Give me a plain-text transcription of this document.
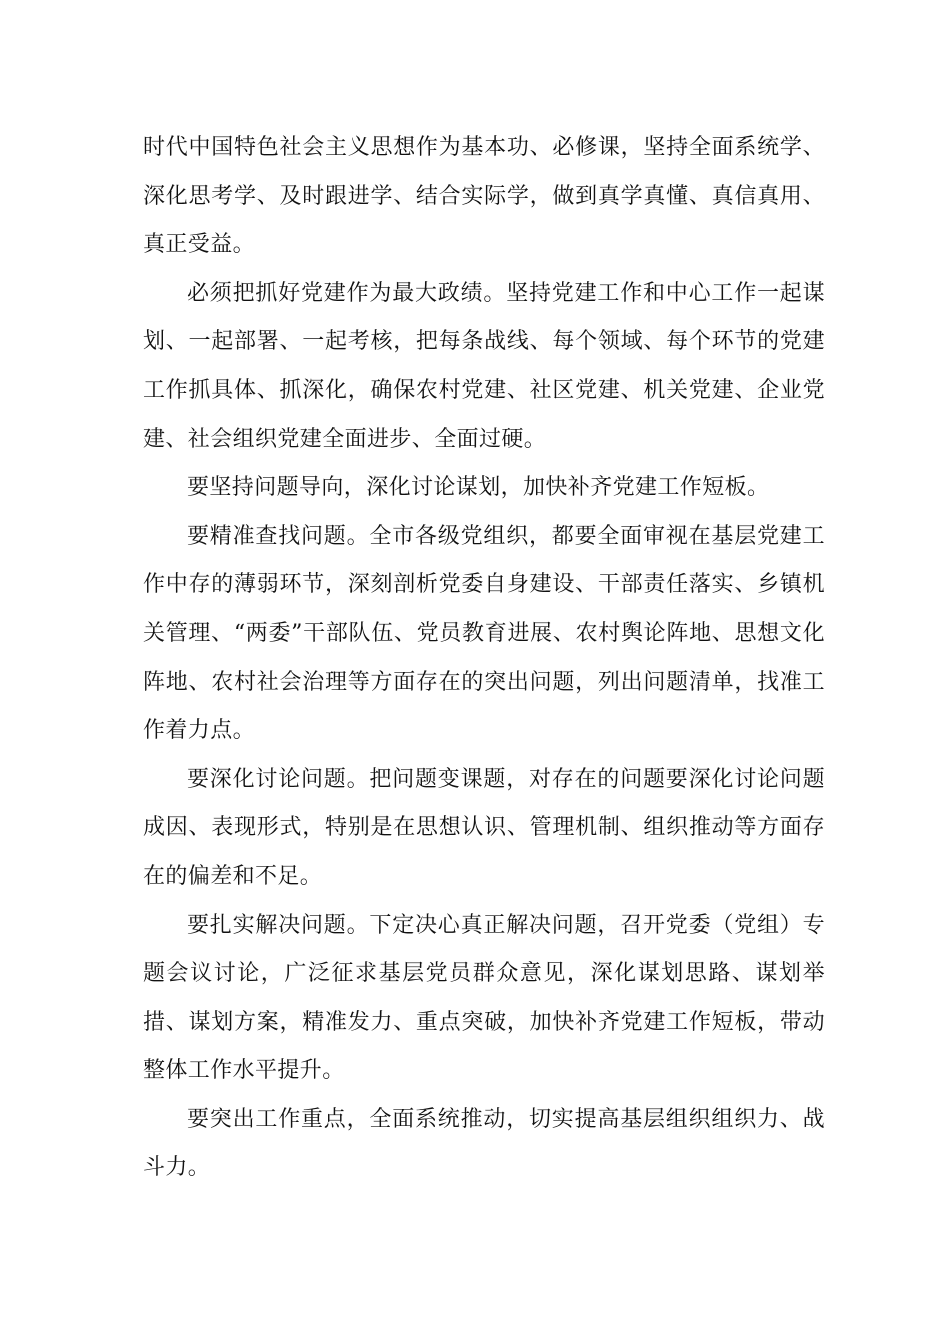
时代中国特色社会主义思想作为基本功、必修课，坚持全面系统学、深化思考学、及时跟进学、结合实际学，做到真学真懂、真信真用、真正受益。

必须把抓好党建作为最大政绩。坚持党建工作和中心工作一起谋划、一起部署、一起考核，把每条战线、每个领域、每个环节的党建工作抓具体、抓深化，确保农村党建、社区党建、机关党建、企业党建、社会组织党建全面进步、全面过硬。

要坚持问题导向，深化讨论谋划，加快补齐党建工作短板。

要精准查找问题。全市各级党组织，都要全面审视在基层党建工作中存的薄弱环节，深刻剖析党委自身建设、干部责任落实、乡镇机关管理、“两委”干部队伍、党员教育进展、农村舆论阵地、思想文化阵地、农村社会治理等方面存在的突出问题，列出问题清单，找准工作着力点。

要深化讨论问题。把问题变课题，对存在的问题要深化讨论问题成因、表现形式，特别是在思想认识、管理机制、组织推动等方面存在的偏差和不足。

要扎实解决问题。下定决心真正解决问题，召开党委（党组）专题会议讨论，广泛征求基层党员群众意见，深化谋划思路、谋划举措、谋划方案，精准发力、重点突破，加快补齐党建工作短板，带动整体工作水平提升。

要突出工作重点，全面系统推动，切实提高基层组织组织力、战斗力。
